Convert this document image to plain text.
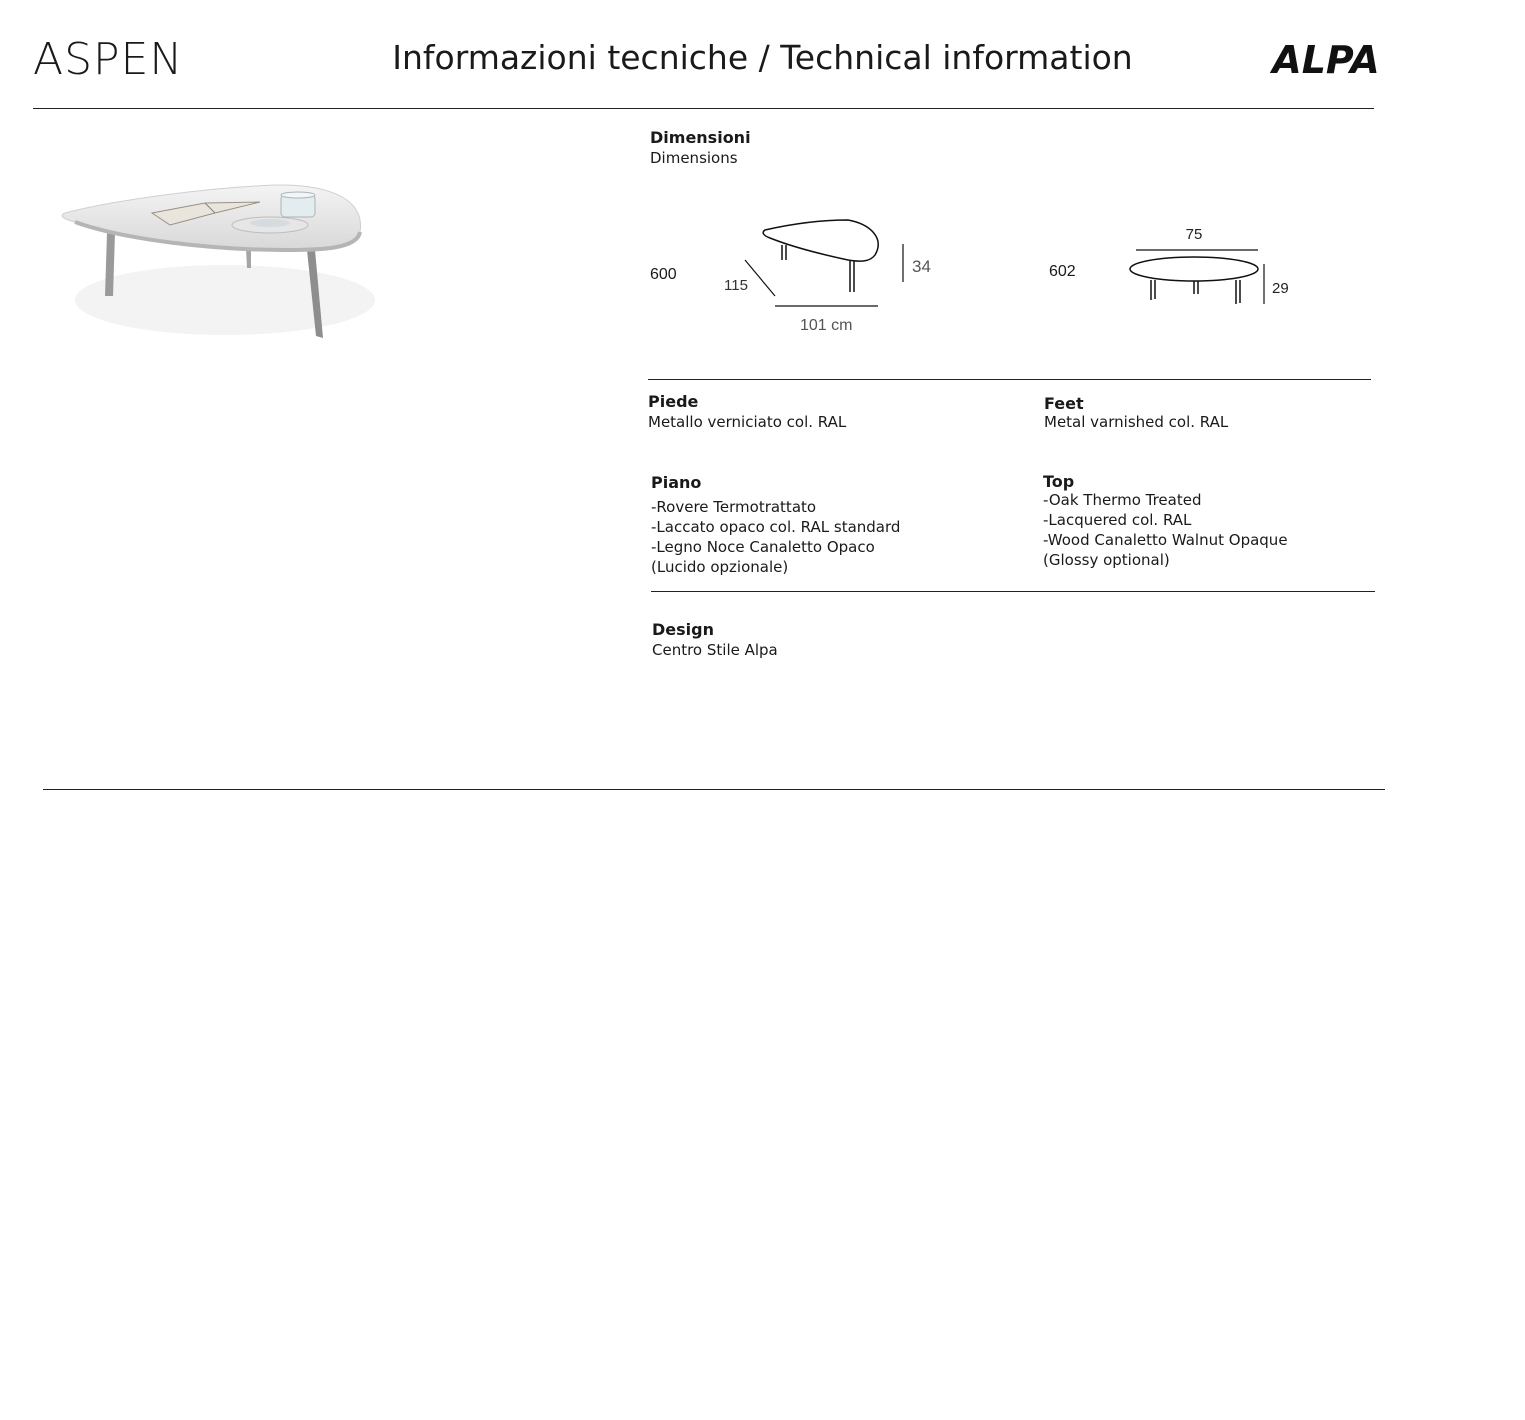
ASPEN	Informazioni tecniche / Technical information	ALPA
Dimensioni
Dimensions
600
115
34
101 cm
602
75
29
Piede
Metallo verniciato col. RAL
Feet
Metal varnished col. RAL
Piano
-Rovere Termotrattato
-Laccato opaco col. RAL standard
-Legno Noce Canaletto Opaco
(Lucido opzionale)
Top
-Oak Thermo Treated
-Lacquered col. RAL
-Wood Canaletto Walnut Opaque
(Glossy optional)
Design
Centro Stile Alpa
